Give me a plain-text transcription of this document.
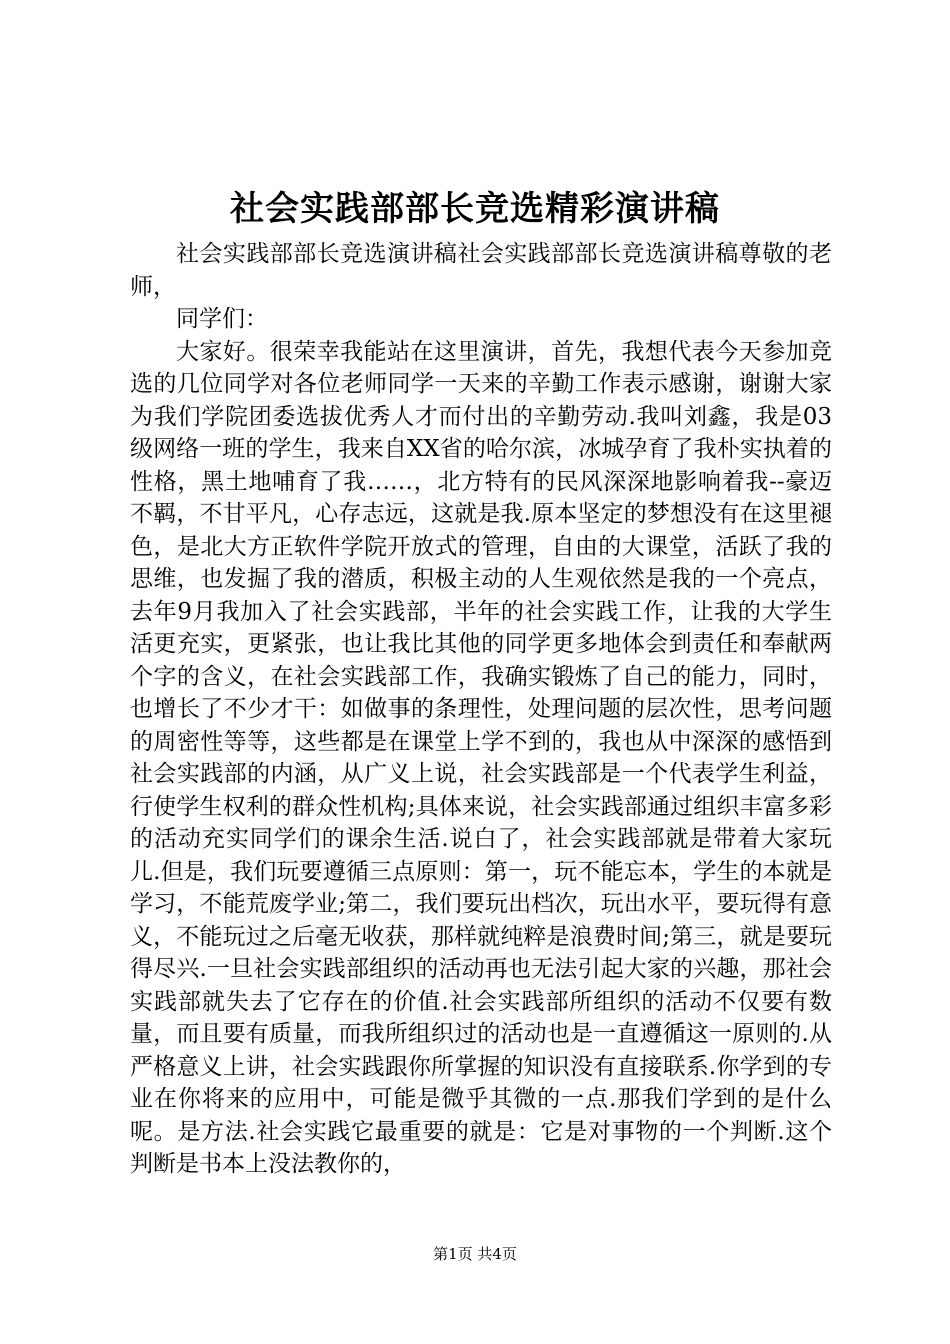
社会实践部部长竞选精彩演讲稿

社会实践部部长竞选演讲稿社会实践部部长竞选演讲稿尊敬的老师，

同学们：

大家好。很荣幸我能站在这里演讲，首先，我想代表今天参加竞选的几位同学对各位老师同学一天来的辛勤工作表示感谢，谢谢大家为我们学院团委选拔优秀人才而付出的辛勤劳动.我叫刘鑫，我是03级网络一班的学生，我来自XX省的哈尔滨，冰城孕育了我朴实执着的性格，黑土地哺育了我……，北方特有的民风深深地影响着我--豪迈不羁，不甘平凡，心存志远，这就是我.原本坚定的梦想没有在这里褪色，是北大方正软件学院开放式的管理，自由的大课堂，活跃了我的思维，也发掘了我的潜质，积极主动的人生观依然是我的一个亮点，去年9月我加入了社会实践部，半年的社会实践工作，让我的大学生活更充实，更紧张，也让我比其他的同学更多地体会到责任和奉献两个字的含义，在社会实践部工作，我确实锻炼了自己的能力，同时，也增长了不少才干：如做事的条理性，处理问题的层次性，思考问题的周密性等等，这些都是在课堂上学不到的，我也从中深深的感悟到社会实践部的内涵，从广义上说，社会实践部是一个代表学生利益，行使学生权利的群众性机构;具体来说，社会实践部通过组织丰富多彩的活动充实同学们的课余生活.说白了，社会实践部就是带着大家玩儿.但是，我们玩要遵循三点原则：第一，玩不能忘本，学生的本就是学习，不能荒废学业;第二，我们要玩出档次，玩出水平，要玩得有意义，不能玩过之后毫无收获，那样就纯粹是浪费时间;第三，就是要玩得尽兴.一旦社会实践部组织的活动再也无法引起大家的兴趣，那社会实践部就失去了它存在的价值.社会实践部所组织的活动不仅要有数量，而且要有质量，而我所组织过的活动也是一直遵循这一原则的.从严格意义上讲，社会实践跟你所掌握的知识没有直接联系.你学到的专业在你将来的应用中，可能是微乎其微的一点.那我们学到的是什么呢。是方法.社会实践它最重要的就是：它是对事物的一个判断.这个判断是书本上没法教你的，

第1页 共4页
